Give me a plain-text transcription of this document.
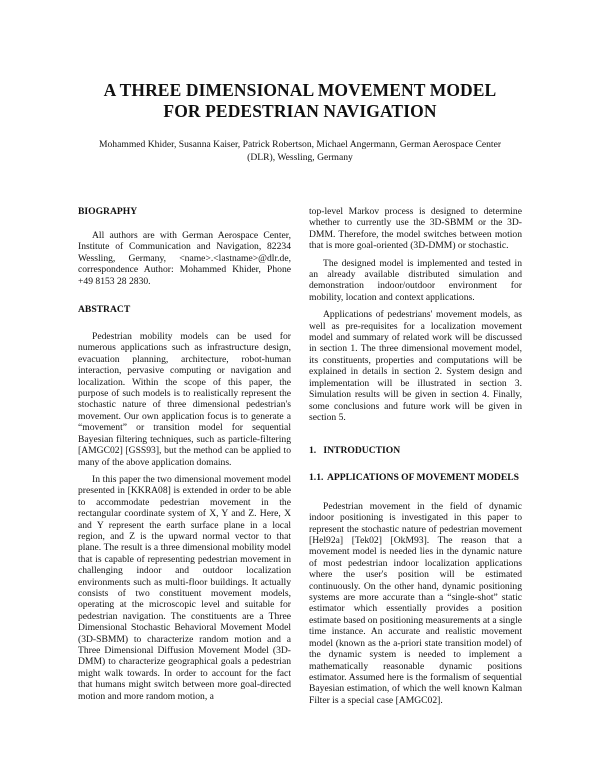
A THREE DIMENSIONAL MOVEMENT MODEL
FOR PEDESTRIAN NAVIGATION
Mohammed Khider, Susanna Kaiser, Patrick Robertson, Michael Angermann, German Aerospace Center
(DLR), Wessling, Germany
BIOGRAPHY

All authors are with German Aerospace Center, Institute of Communication and Navigation, 82234 Wessling, Germany, <name>.<lastname>@dlr.de, correspondence Author: Mohammed Khider, Phone +49 8153 28 2830.

ABSTRACT

Pedestrian mobility models can be used for numerous applications such as infrastructure design, evacuation planning, architecture, robot-human interaction, pervasive computing or navigation and localization. Within the scope of this paper, the purpose of such models is to realistically represent the stochastic nature of three dimensional pedestrian's movement. Our own application focus is to generate a “movement” or transition model for sequential Bayesian filtering techniques, such as particle-filtering [AMGC02] [GSS93], but the method can be applied to many of the above application domains.

In this paper the two dimensional movement model presented in [KKRA08] is extended in order to be able to accommodate pedestrian movement in the rectangular coordinate system of X, Y and Z. Here, X and Y represent the earth surface plane in a local region, and Z is the upward normal vector to that plane. The result is a three dimensional mobility model that is capable of representing pedestrian movement in challenging indoor and outdoor localization environments such as multi-floor buildings. It actually consists of two constituent movement models, operating at the microscopic level and suitable for pedestrian navigation. The constituents are a Three Dimensional Stochastic Behavioral Movement Model (3D-SBMM) to characterize random motion and a Three Dimensional Diffusion Movement Model (3D-DMM) to characterize geographical goals a pedestrian might walk towards. In order to account for the fact that humans might switch between more goal-directed motion and more random motion, a

top-level Markov process is designed to determine whether to currently use the 3D-SBMM or the 3D-DMM. Therefore, the model switches between motion that is more goal-oriented (3D-DMM) or stochastic.

The designed model is implemented and tested in an already available distributed simulation and demonstration indoor/outdoor environment for mobility, location and context applications.

Applications of pedestrians' movement models, as well as pre-requisites for a localization movement model and summary of related work will be discussed in section 1. The three dimensional movement model, its constituents, properties and computations will be explained in details in section 2. System design and implementation will be illustrated in section 3. Simulation results will be given in section 4. Finally, some conclusions and future work will be given in section 5.

1.   INTRODUCTION
1.1. APPLICATIONS OF MOVEMENT MODELS

Pedestrian movement in the field of dynamic indoor positioning is investigated in this paper to represent the stochastic nature of pedestrian movement [Hel92a] [Tek02] [OkM93]. The reason that a movement model is needed lies in the dynamic nature of most pedestrian indoor localization applications where the user's position will be estimated continuously. On the other hand, dynamic positioning systems are more accurate than a “single-shot” static estimator which essentially provides a position estimate based on positioning measurements at a single time instance. An accurate and realistic movement model (known as the a-priori state transition model) of the dynamic system is needed to implement a mathematically reasonable dynamic positions estimator. Assumed here is the formalism of sequential Bayesian estimation, of which the well known Kalman Filter is a special case [AMGC02].
